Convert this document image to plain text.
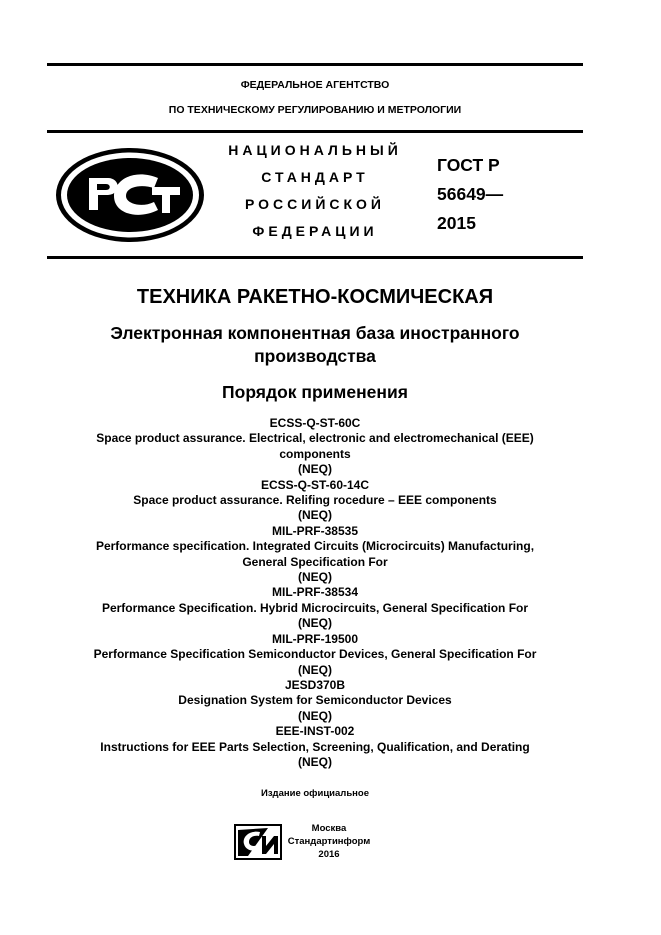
ФЕДЕРАЛЬНОЕ АГЕНТСТВО
ПО ТЕХНИЧЕСКОМУ РЕГУЛИРОВАНИЮ И МЕТРОЛОГИИ
НАЦИОНАЛЬНЫЙ
СТАНДАРТ
РОССИЙСКОЙ
ФЕДЕРАЦИИ
ГОСТ Р
56649—
2015
ТЕХНИКА РАКЕТНО-КОСМИЧЕСКАЯ
Электронная компонентная база иностранного
производства
Порядок применения
ECSS-Q-ST-60C
Space product assurance. Electrical, electronic and electromechanical (EEE)
components
(NEQ)
ECSS-Q-ST-60-14C
Space product assurance. Relifing rocedure – EEE components
(NEQ)
MIL-PRF-38535
Performance specification. Integrated Circuits (Microcircuits) Manufacturing,
General Specification For
(NEQ)
MIL-PRF-38534
Performance Specification. Hybrid Microcircuits, General Specification For
(NEQ)
MIL-PRF-19500
Performance Specification Semiconductor Devices, General Specification For
(NEQ)
JESD370B
Designation System for Semiconductor Devices
(NEQ)
EEE-INST-002
Instructions for EEE Parts Selection, Screening, Qualification, and Derating
(NEQ)
Издание официальное
Москва
Стандартинформ
2016
